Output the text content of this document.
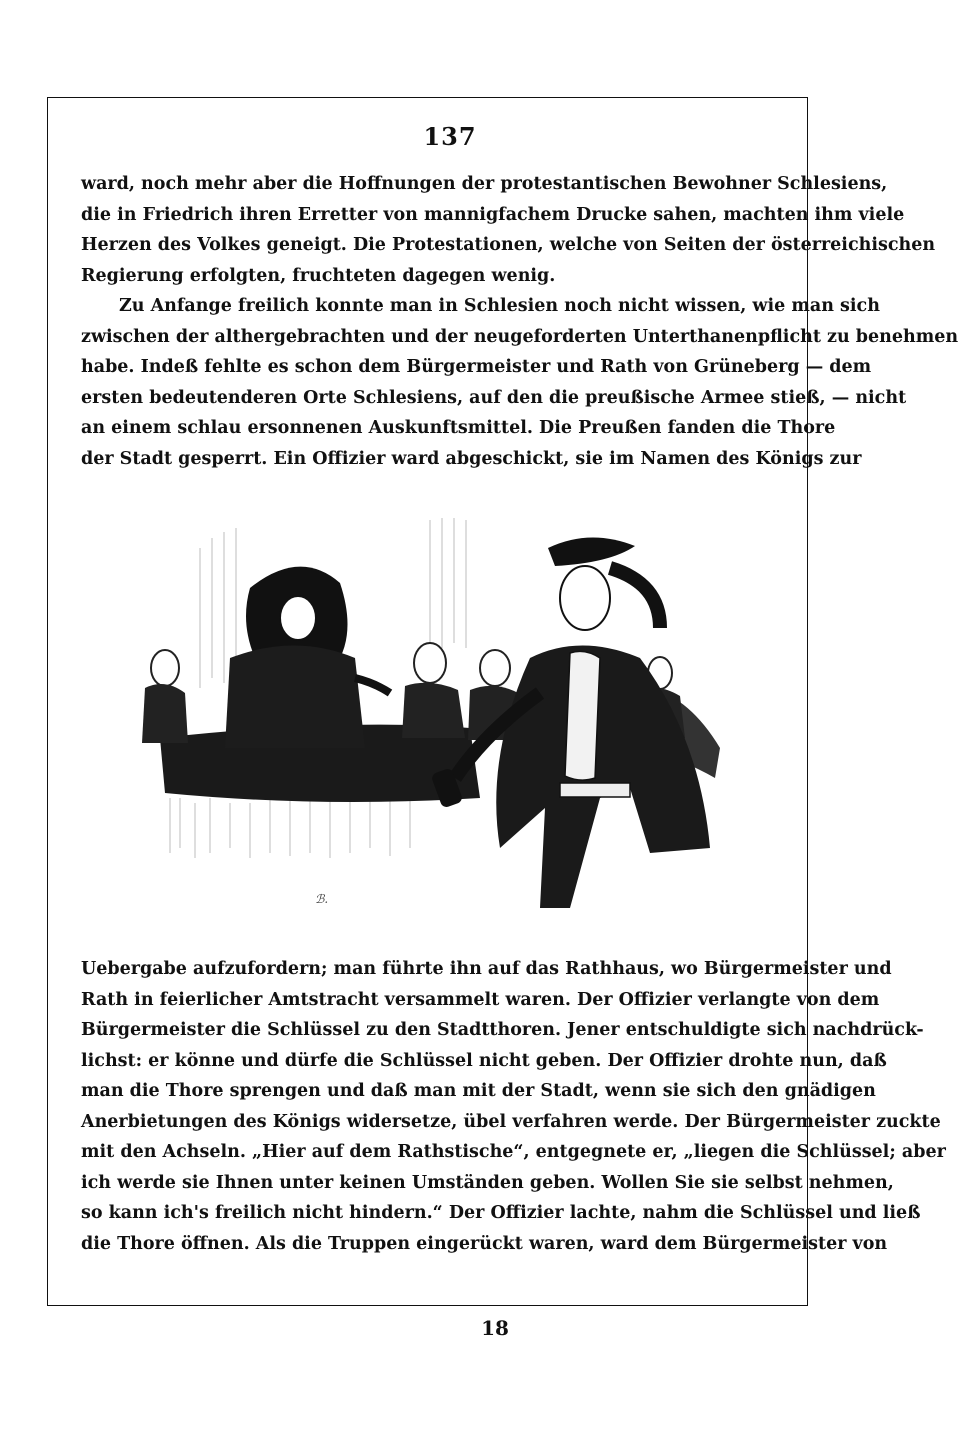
137
ward, noch mehr aber die Hoffnungen der protestantischen Bewohner Schlesiens,
die in Friedrich ihren Erretter von mannigfachem Drucke sahen, machten ihm viele
Herzen des Volkes geneigt. Die Protestationen, welche von Seiten der österreichischen
Regierung erfolgten, fruchteten dagegen wenig.
Zu Anfange freilich konnte man in Schlesien noch nicht wissen, wie man sich
zwischen der althergebrachten und der neugeforderten Unterthanenpflicht zu benehmen
habe. Indeß fehlte es schon dem Bürgermeister und Rath von Grüneberg — dem
ersten bedeutenderen Orte Schlesiens, auf den die preußische Armee stieß, — nicht
an einem schlau ersonnenen Auskunftsmittel. Die Preußen fanden die Thore
der Stadt gesperrt. Ein Offizier ward abgeschickt, sie im Namen des Königs zur
ℬ.
Uebergabe aufzufordern; man führte ihn auf das Rathhaus, wo Bürgermeister und
Rath in feierlicher Amtstracht versammelt waren. Der Offizier verlangte von dem
Bürgermeister die Schlüssel zu den Stadtthoren. Jener entschuldigte sich nachdrück-
lichst: er könne und dürfe die Schlüssel nicht geben. Der Offizier drohte nun, daß
man die Thore sprengen und daß man mit der Stadt, wenn sie sich den gnädigen
Anerbietungen des Königs widersetze, übel verfahren werde. Der Bürgermeister zuckte
mit den Achseln. „Hier auf dem Rathstische“, entgegnete er, „liegen die Schlüssel; aber
ich werde sie Ihnen unter keinen Umständen geben. Wollen Sie sie selbst nehmen,
so kann ich's freilich nicht hindern.“ Der Offizier lachte, nahm die Schlüssel und ließ
die Thore öffnen. Als die Truppen eingerückt waren, ward dem Bürgermeister von
18
